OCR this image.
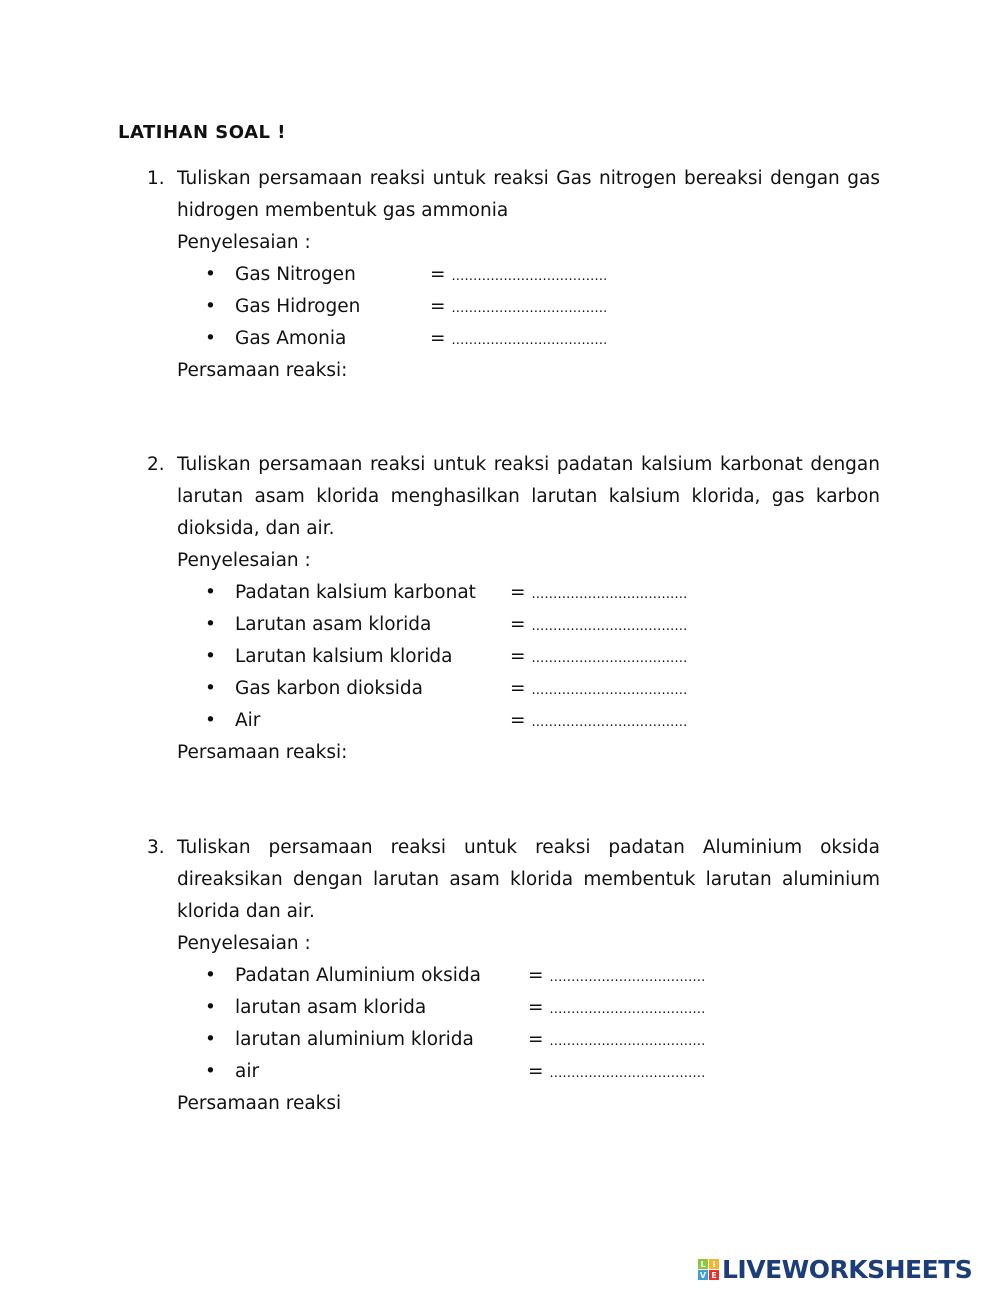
LATIHAN SOAL !
1. Tuliskan persamaan reaksi untuk reaksi Gas nitrogen bereaksi dengan gas hidrogen membentuk gas ammonia
Penyelesaian :
• Gas Nitrogen	= ………………………………
• Gas Hidrogen	= ………………………………
• Gas Amonia	= ………………………………
Persamaan reaksi:
2. Tuliskan persamaan reaksi untuk reaksi padatan kalsium karbonat dengan larutan asam klorida menghasilkan larutan kalsium klorida, gas karbon dioksida, dan air.
Penyelesaian :
• Padatan kalsium karbonat = ………………………………
• Larutan asam klorida	= ………………………………
• Larutan kalsium klorida	= ………………………………
• Gas karbon dioksida	= ………………………………
• Air	= ………………………………
Persamaan reaksi:
3. Tuliskan persamaan reaksi untuk reaksi padatan Aluminium oksida direaksikan dengan larutan asam klorida membentuk larutan aluminium klorida dan air.
Penyelesaian :
• Padatan Aluminium oksida	= ………………………………
• larutan asam klorida	= ………………………………
• larutan aluminium klorida	= ………………………………
• air	= ………………………………
Persamaan reaksi
L I
V E LIVEWORKSHEETS
